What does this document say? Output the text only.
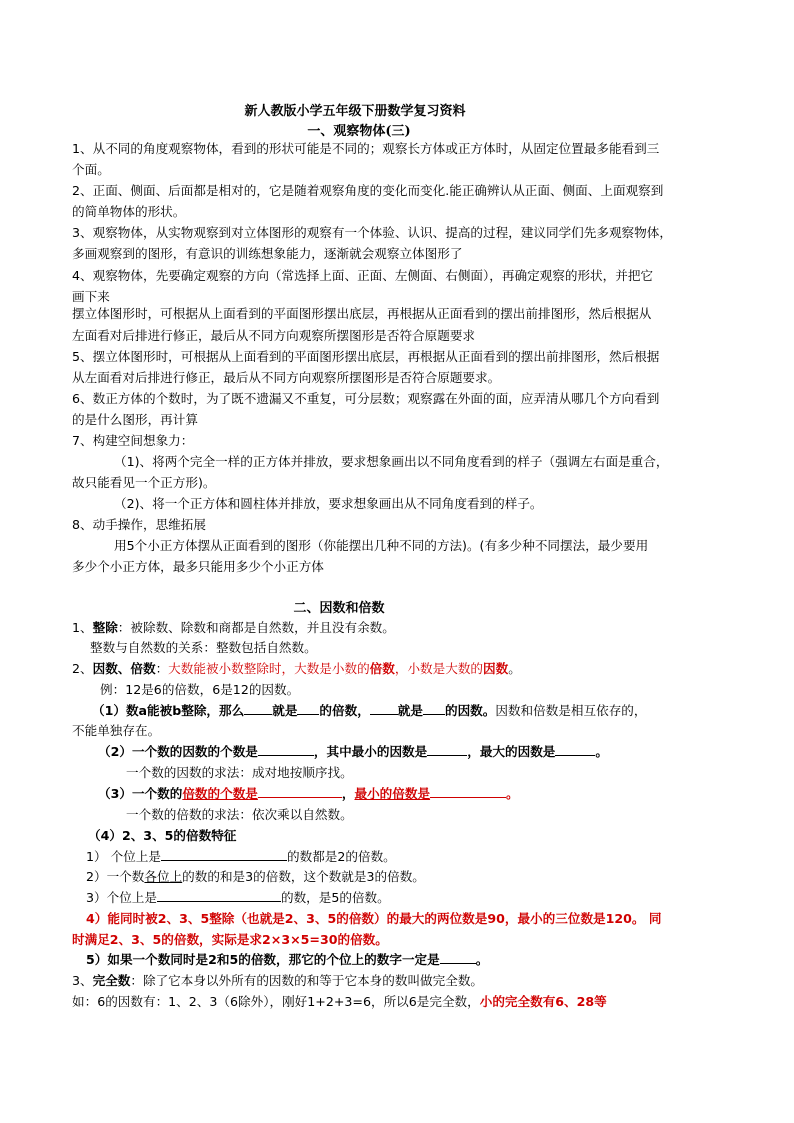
新人教版小学五年级下册数学复习资料
一、观察物体(三)
1、从不同的角度观察物体，看到的形状可能是不同的；观察长方体或正方体时，从固定位置最多能看到三
个面。
2、正面、侧面、后面都是相对的，它是随着观察角度的变化而变化.能正确辨认从正面、侧面、上面观察到
的简单物体的形状。
3、观察物体，从实物观察到对立体图形的观察有一个体验、认识、提高的过程，建议同学们先多观察物体，
多画观察到的图形，有意识的训练想象能力，逐渐就会观察立体图形了
4、观察物体，先要确定观察的方向（常选择上面、正面、左侧面、右侧面），再确定观察的形状，并把它
画下来
摆立体图形时，可根据从上面看到的平面图形摆出底层，再根据从正面看到的摆出前排图形，然后根据从
左面看对后排进行修正，最后从不同方向观察所摆图形是否符合原题要求
5、摆立体图形时，可根据从上面看到的平面图形摆出底层，再根据从正面看到的摆出前排图形，然后根据
从左面看对后排进行修正，最后从不同方向观察所摆图形是否符合原题要求。
6、数正方体的个数时，为了既不遗漏又不重复，可分层数；观察露在外面的面，应弄清从哪几个方向看到
的是什么图形，再计算
7、构建空间想象力：
（1)、将两个完全一样的正方体并排放，要求想象画出以不同角度看到的样子（强调左右面是重合，
故只能看见一个正方形)。
（2)、将一个正方体和圆柱体并排放，要求想象画出从不同角度看到的样子。
8、动手操作，思维拓展
用5个小正方体摆从正面看到的图形（你能摆出几种不同的方法)。(有多少种不同摆法，最少要用
多少个小正方体，最多只能用多少个小正方体
二、因数和倍数
1、整除：被除数、除数和商都是自然数，并且没有余数。
整数与自然数的关系：整数包括自然数。
2、因数、倍数：大数能被小数整除时，大数是小数的倍数，小数是大数的因数。
例：12是6的倍数，6是12的因数。
（1）数a能被b整除，那么 就是 的倍数， 就是 的因数。因数和倍数是相互依存的，
不能单独存在。
（2）一个数的因数的个数是	，其中最小的因数是	，最大的因数是	。
一个数的因数的求法：成对地按顺序找。
（3）一个数的倍数的个数是	，最小的倍数是	。
一个数的倍数的求法：依次乘以自然数。
（4）2、3、5的倍数特征
1） 个位上是	的数都是2的倍数。
2）一个数各位上的数的和是3的倍数，这个数就是3的倍数。
3）个位上是	的数，是5的倍数。
4）能同时被2、3、5整除（也就是2、3、5的倍数）的最大的两位数是90，最小的三位数是120。 同
时满足2、3、5的倍数，实际是求2×3×5=30的倍数。
5）如果一个数同时是2和5的倍数，那它的个位上的数字一定是	。
3、完全数：除了它本身以外所有的因数的和等于它本身的数叫做完全数。
如：6的因数有：1、2、3（6除外），刚好1+2+3=6，所以6是完全数，小的完全数有6、28等
